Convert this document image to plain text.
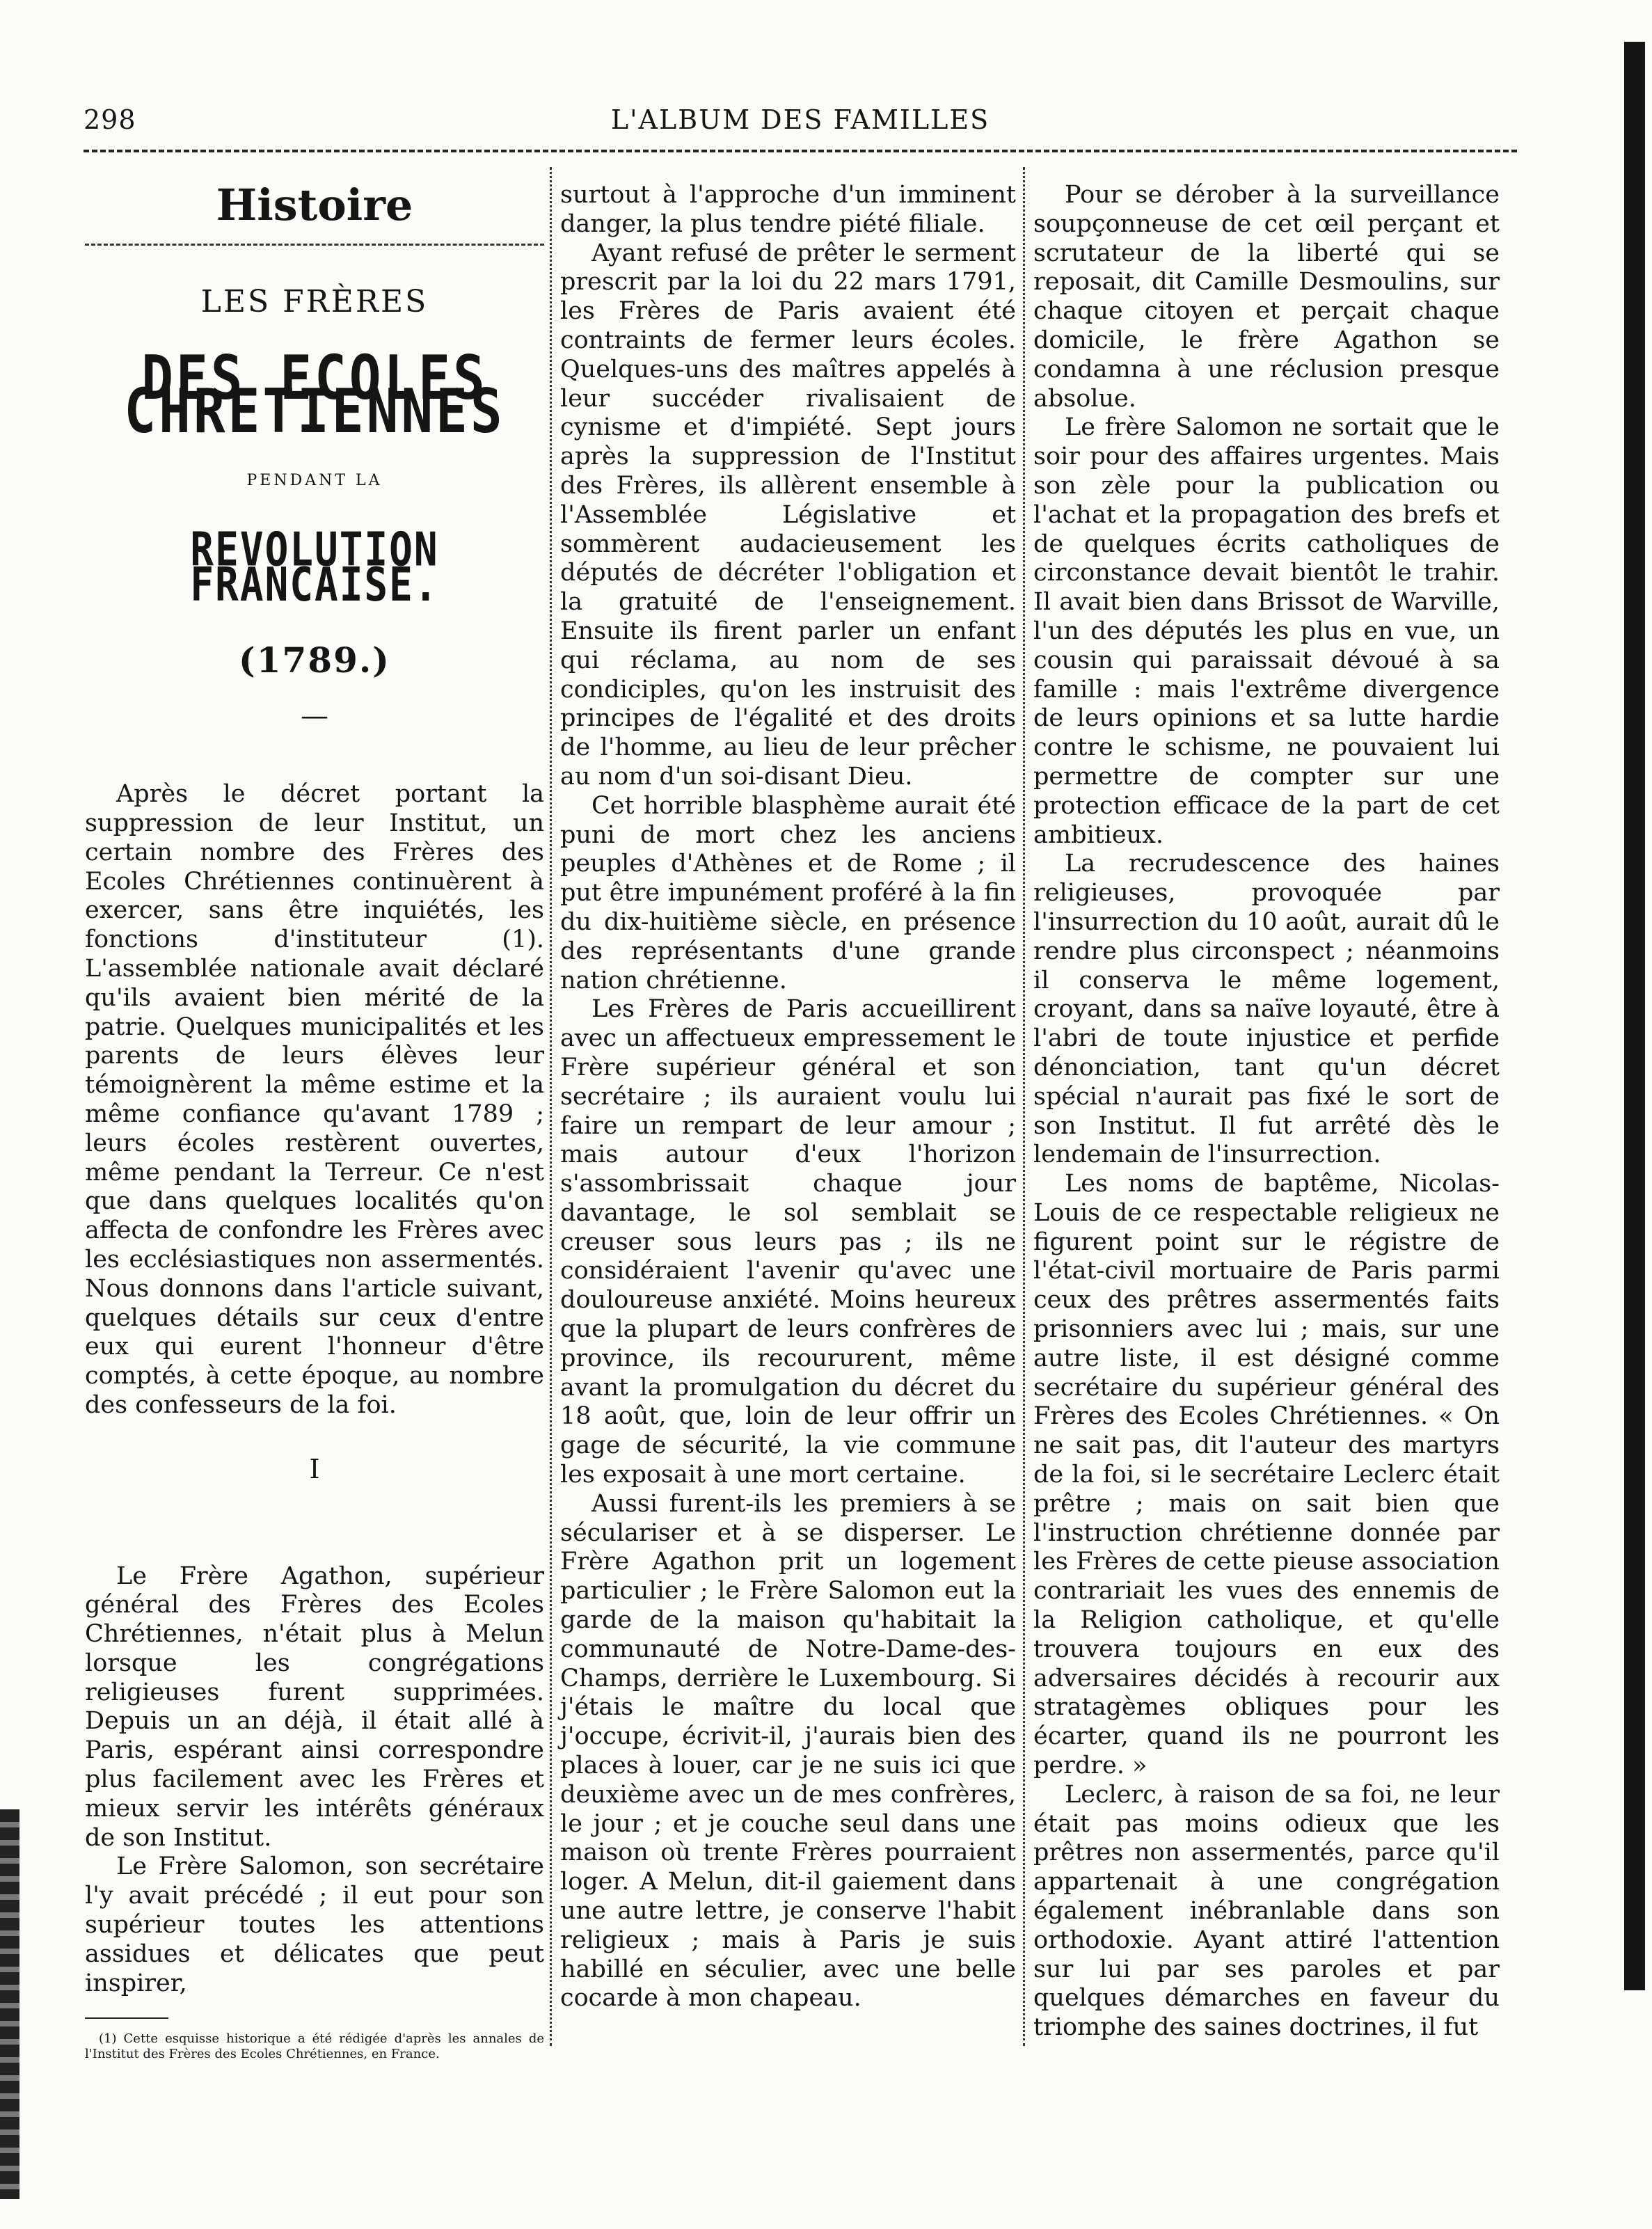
298	L'ALBUM DES FAMILLES
Histoire
LES FRÈRES
DES ECOLES CHRETIENNES
PENDANT LA
REVOLUTION FRANCAISE.
(1789.)
—

Après le décret portant la suppression de leur Institut, un certain nombre des Frères des Ecoles Chrétiennes continuèrent à exercer, sans être inquiétés, les fonctions d'instituteur (1). L'assemblée nationale avait déclaré qu'ils avaient bien mérité de la patrie. Quelques municipalités et les parents de leurs élèves leur témoignèrent la même estime et la même confiance qu'avant 1789 ; leurs écoles restèrent ouvertes, même pendant la Terreur. Ce n'est que dans quelques localités qu'on affecta de confondre les Frères avec les ecclésiastiques non assermentés. Nous donnons dans l'article suivant, quelques détails sur ceux d'entre eux qui eurent l'honneur d'être comptés, à cette époque, au nombre des confesseurs de la foi.

I

Le Frère Agathon, supérieur général des Frères des Ecoles Chrétiennes, n'était plus à Melun lorsque les congrégations religieuses furent supprimées. Depuis un an déjà, il était allé à Paris, espérant ainsi correspondre plus facilement avec les Frères et mieux servir les intérêts généraux de son Institut.

Le Frère Salomon, son secrétaire l'y avait précédé ; il eut pour son supérieur toutes les attentions assidues et délicates que peut inspirer,

(1) Cette esquisse historique a été rédigée d'après les annales de l'Institut des Frères des Ecoles Chrétiennes, en France.

surtout à l'approche d'un imminent danger, la plus tendre piété filiale.

Ayant refusé de prêter le serment prescrit par la loi du 22 mars 1791, les Frères de Paris avaient été contraints de fermer leurs écoles. Quelques-uns des maîtres appelés à leur succéder rivalisaient de cynisme et d'impiété. Sept jours après la suppression de l'Institut des Frères, ils allèrent ensemble à l'Assemblée Législative et sommèrent audacieusement les députés de décréter l'obligation et la gratuité de l'enseignement. Ensuite ils firent parler un enfant qui réclama, au nom de ses condiciples, qu'on les instruisit des principes de l'égalité et des droits de l'homme, au lieu de leur prêcher au nom d'un soi-disant Dieu.

Cet horrible blasphème aurait été puni de mort chez les anciens peuples d'Athènes et de Rome ; il put être impunément proféré à la fin du dix-huitième siècle, en présence des représentants d'une grande nation chrétienne.

Les Frères de Paris accueillirent avec un affectueux empressement le Frère supérieur général et son secrétaire ; ils auraient voulu lui faire un rempart de leur amour ; mais autour d'eux l'horizon s'assombrissait chaque jour davantage, le sol semblait se creuser sous leurs pas ; ils ne considéraient l'avenir qu'avec une douloureuse anxiété. Moins heureux que la plupart de leurs confrères de province, ils recoururent, même avant la promulgation du décret du 18 août, que, loin de leur offrir un gage de sécurité, la vie commune les exposait à une mort certaine.

Aussi furent-ils les premiers à se séculariser et à se disperser. Le Frère Agathon prit un logement particulier ; le Frère Salomon eut la garde de la maison qu'habitait la communauté de Notre-Dame-des-Champs, derrière le Luxembourg. Si j'étais le maître du local que j'occupe, écrivit-il, j'aurais bien des places à louer, car je ne suis ici que deuxième avec un de mes confrères, le jour ; et je couche seul dans une maison où trente Frères pourraient loger. A Melun, dit-il gaiement dans une autre lettre, je conserve l'habit religieux ; mais à Paris je suis habillé en séculier, avec une belle cocarde à mon chapeau.

Pour se dérober à la surveillance soupçonneuse de cet œil perçant et scrutateur de la liberté qui se reposait, dit Camille Desmoulins, sur chaque citoyen et perçait chaque domicile, le frère Agathon se condamna à une réclusion presque absolue.

Le frère Salomon ne sortait que le soir pour des affaires urgentes. Mais son zèle pour la publication ou l'achat et la propagation des brefs et de quelques écrits catholiques de circonstance devait bientôt le trahir. Il avait bien dans Brissot de Warville, l'un des députés les plus en vue, un cousin qui paraissait dévoué à sa famille : mais l'extrême divergence de leurs opinions et sa lutte hardie contre le schisme, ne pouvaient lui permettre de compter sur une protection efficace de la part de cet ambitieux.

La recrudescence des haines religieuses, provoquée par l'insurrection du 10 août, aurait dû le rendre plus circonspect ; néanmoins il conserva le même logement, croyant, dans sa naïve loyauté, être à l'abri de toute injustice et perfide dénonciation, tant qu'un décret spécial n'aurait pas fixé le sort de son Institut. Il fut arrêté dès le lendemain de l'insurrection.

Les noms de baptême, Nicolas-Louis de ce respectable religieux ne figurent point sur le régistre de l'état-civil mortuaire de Paris parmi ceux des prêtres assermentés faits prisonniers avec lui ; mais, sur une autre liste, il est désigné comme secrétaire du supérieur général des Frères des Ecoles Chrétiennes. « On ne sait pas, dit l'auteur des martyrs de la foi, si le secrétaire Leclerc était prêtre ; mais on sait bien que l'instruction chrétienne donnée par les Frères de cette pieuse association contrariait les vues des ennemis de la Religion catholique, et qu'elle trouvera toujours en eux des adversaires décidés à recourir aux stratagèmes obliques pour les écarter, quand ils ne pourront les perdre. »

Leclerc, à raison de sa foi, ne leur était pas moins odieux que les prêtres non assermentés, parce qu'il appartenait à une congrégation également inébranlable dans son orthodoxie. Ayant attiré l'attention sur lui par ses paroles et par quelques démarches en faveur du triomphe des saines doctrines, il fut
